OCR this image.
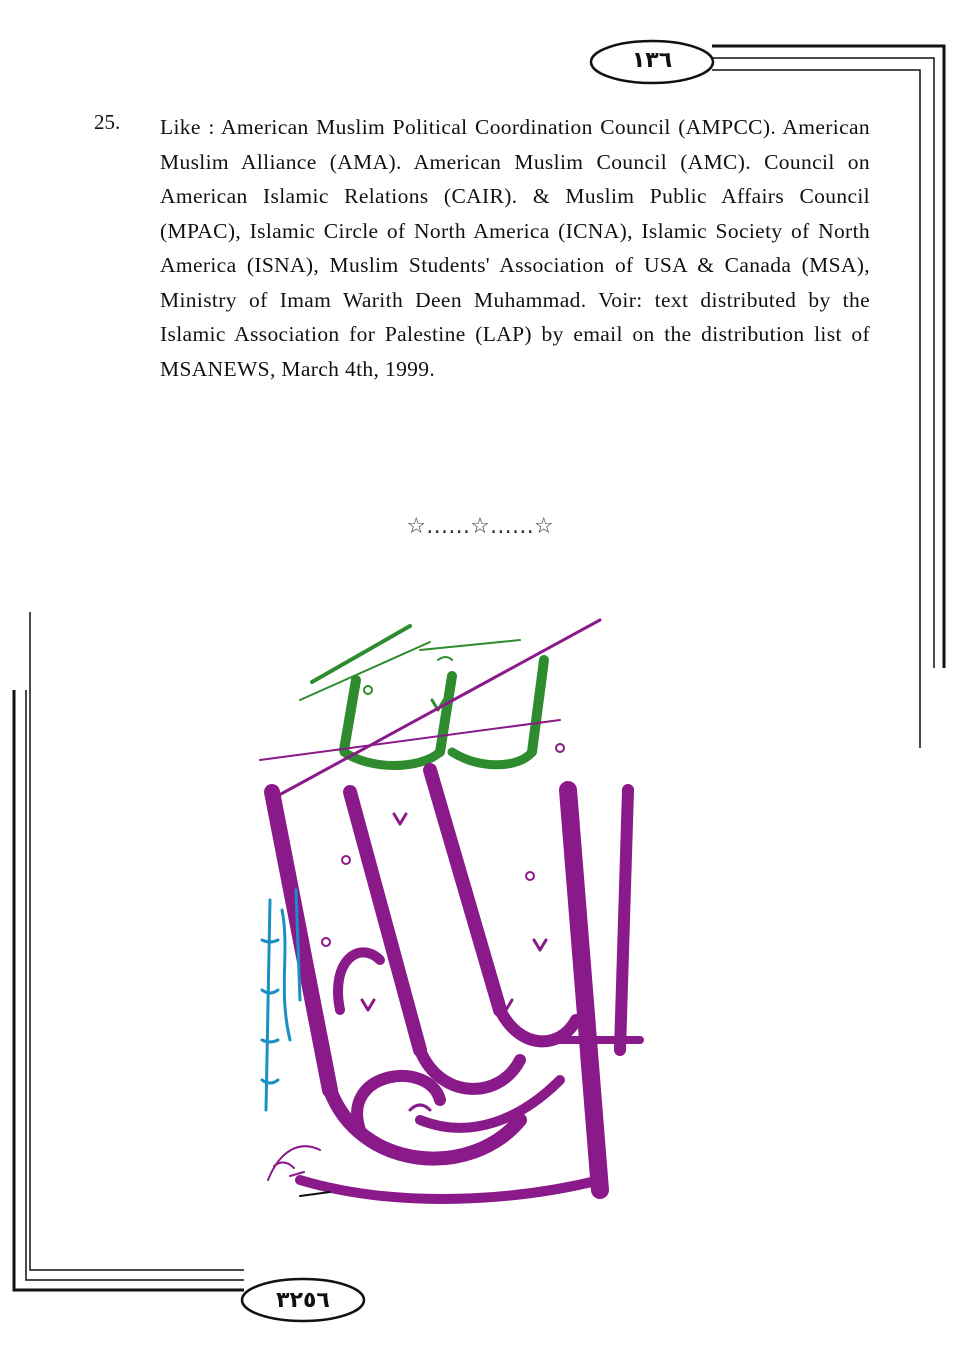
١٣٦
٣٢٥٦
25. Like : American Muslim Political Coordination Council (AMPCC). American Muslim Alliance (AMA). American Muslim Council (AMC). Council on American Islamic Relations (CAIR). & Muslim Public Affairs Council (MPAC), Islamic Circle of North America (ICNA), Islamic Society of North America (ISNA), Muslim Students' Association of USA & Canada (MSA), Ministry of Imam Warith Deen Muhammad. Voir: text distributed by the Islamic Association for Palestine (LAP) by email on the distribution list of MSANEWS, March 4th, 1999.

☆……☆……☆
